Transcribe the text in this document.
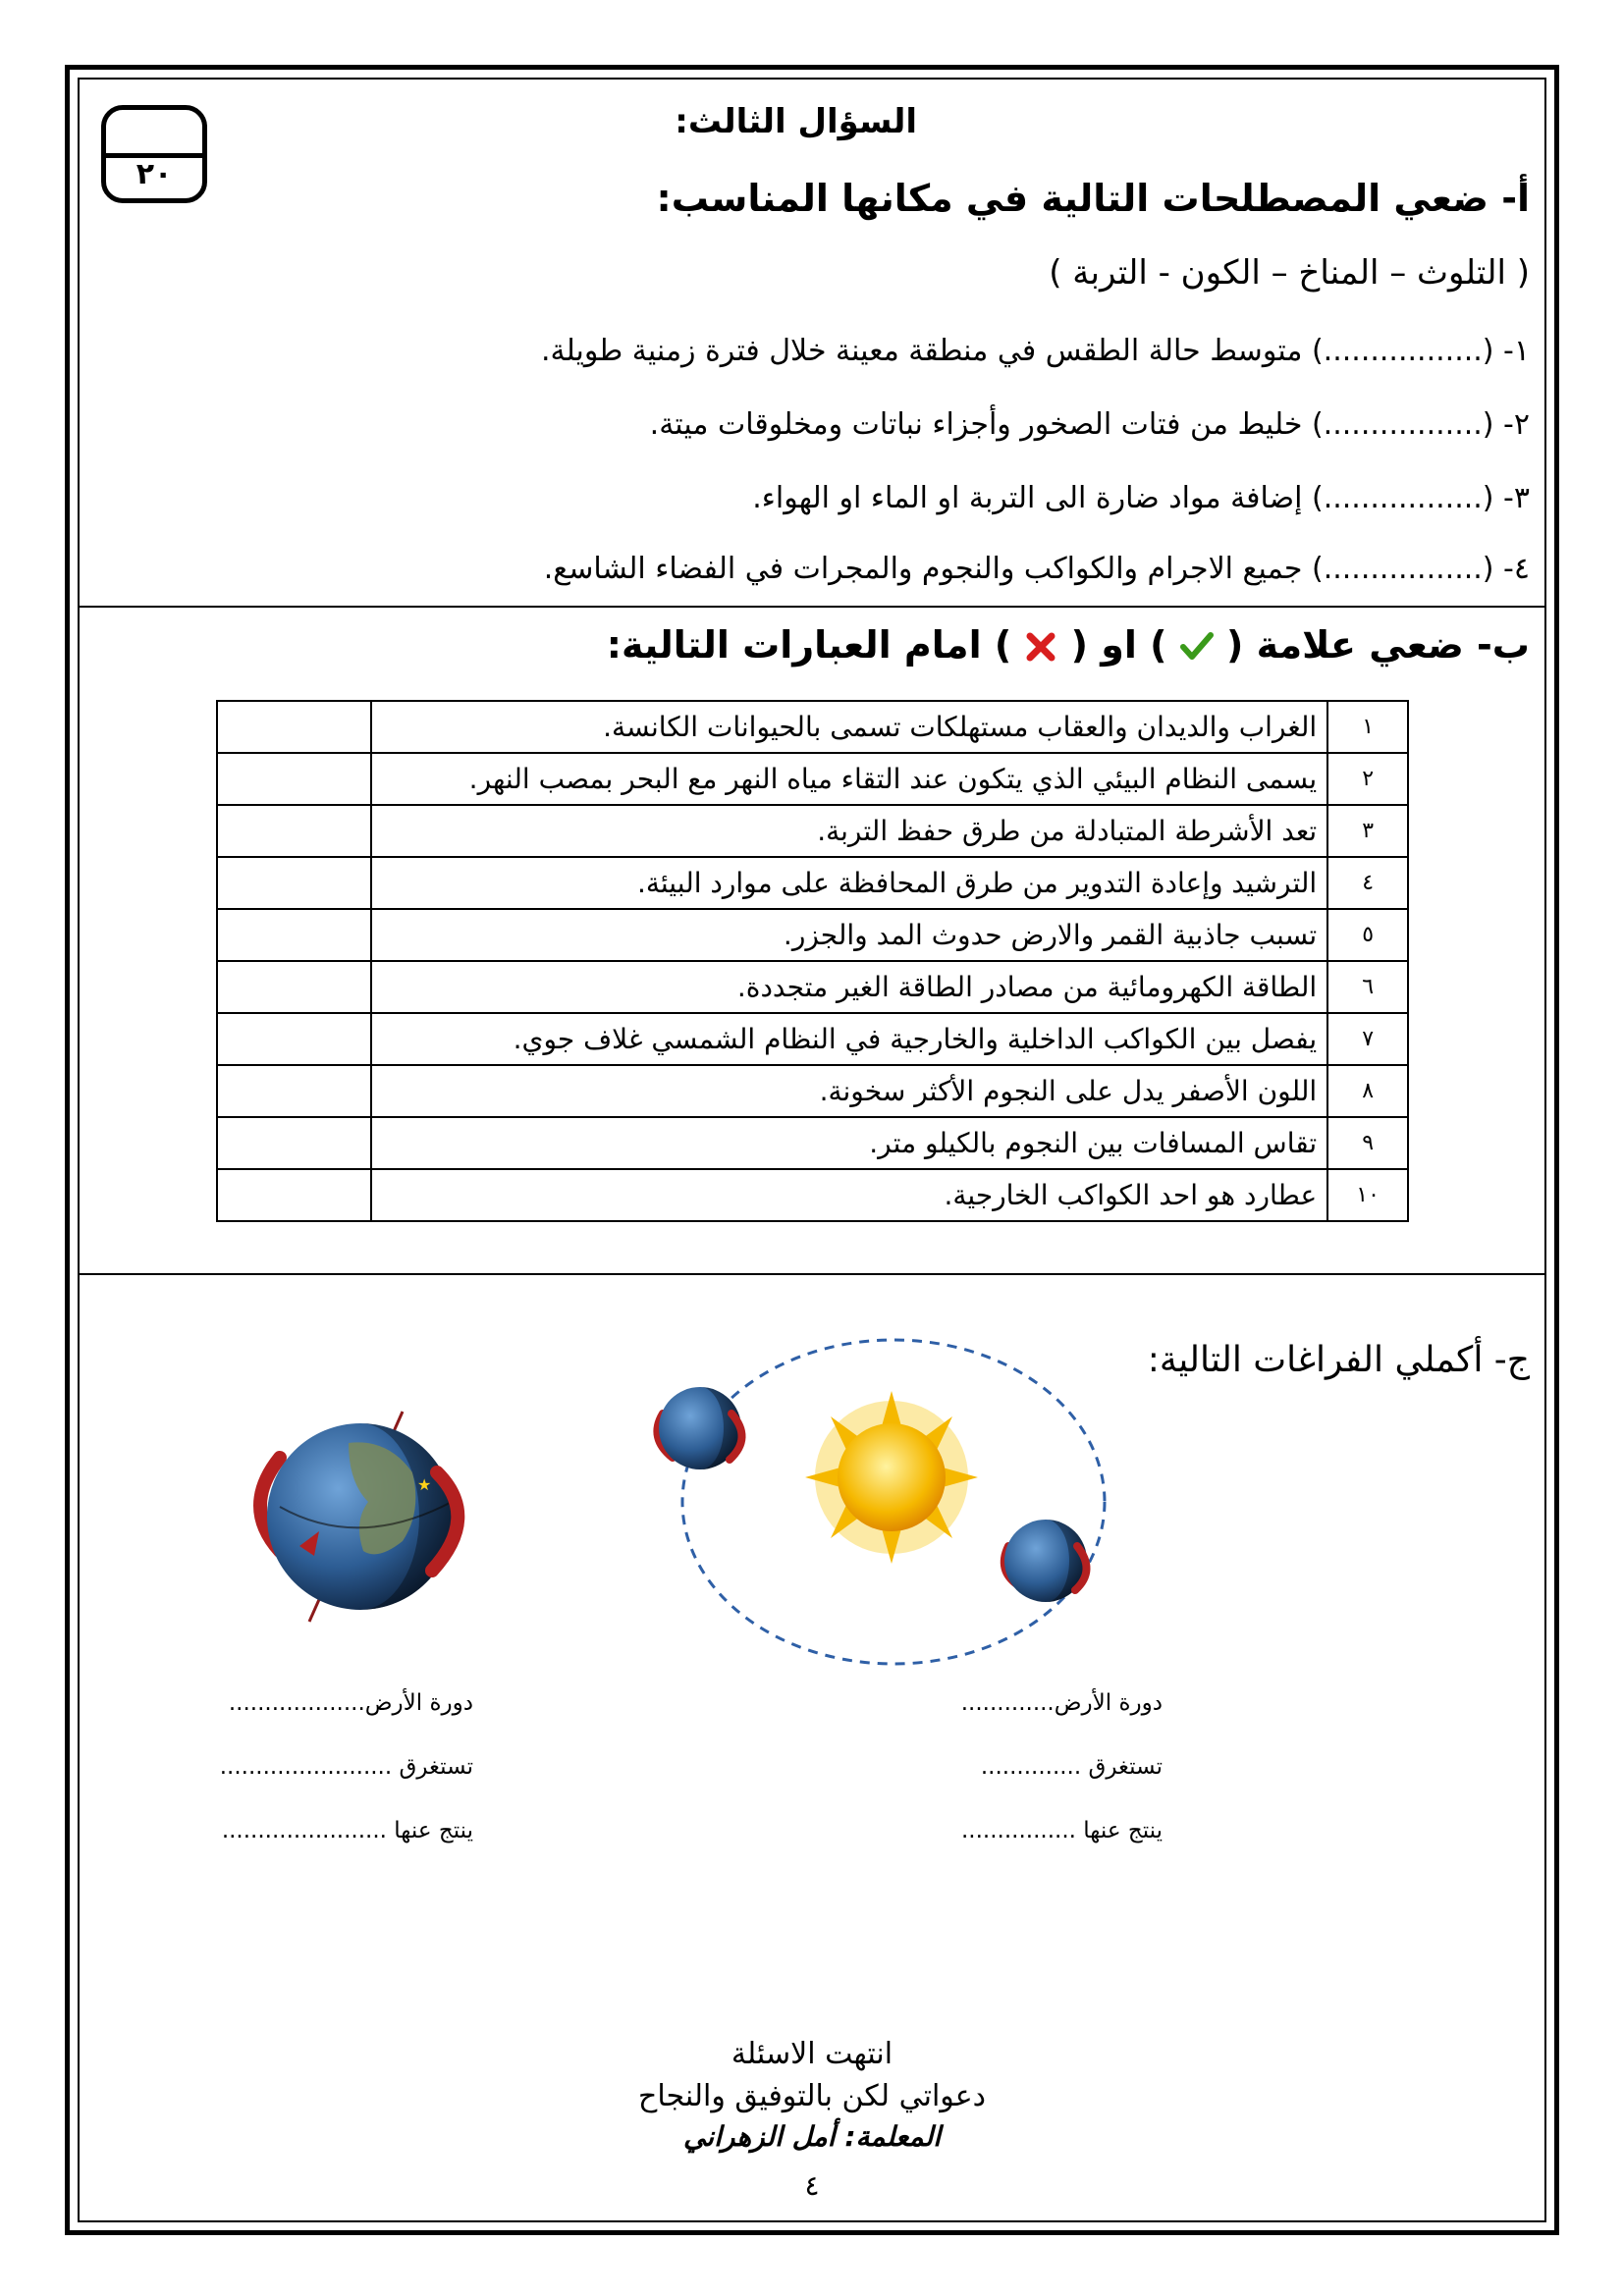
٢٠
السؤال الثالث:
أ- ضعي المصطلحات التالية في مكانها المناسب:
( التلوث – المناخ – الكون - التربة )
١- (.................) متوسط حالة الطقس في منطقة معينة خلال فترة زمنية طويلة.
٢- (.................) خليط من فتات الصخور وأجزاء نباتات ومخلوقات ميتة.
٣- (.................) إضافة مواد ضارة الى التربة او الماء او الهواء.
٤- (.................) جميع الاجرام والكواكب والنجوم والمجرات في الفضاء الشاسع.
ب- ضعي علامة (  ) او (  ) امام العبارات التالية:
١	الغراب والديدان والعقاب مستهلكات تسمى بالحيوانات الكانسة.	
٢	يسمى النظام البيئي الذي يتكون عند التقاء مياه النهر مع البحر بمصب النهر.	
٣	تعد الأشرطة المتبادلة من طرق حفظ التربة.	
٤	الترشيد وإعادة التدوير من طرق المحافظة على موارد البيئة.	
٥	تسبب جاذبية القمر والارض حدوث المد والجزر.	
٦	الطاقة الكهرومائية من مصادر الطاقة الغير متجددة.	
٧	يفصل بين الكواكب الداخلية والخارجية في النظام الشمسي غلاف جوي.	
٨	اللون الأصفر يدل على النجوم الأكثر سخونة.	
٩	تقاس المسافات بين النجوم بالكيلو متر.	
١٠	عطارد هو احد الكواكب الخارجية.	
ج- أكملي الفراغات التالية:
★
دورة الأرض...................
تستغرق ........................
ينتج عنها .......................
دورة الأرض.............
تستغرق ..............
ينتج عنها ................
انتهت الاسئلة
دعواتي لكن بالتوفيق والنجاح
المعلمة: أمل الزهراني
٤
